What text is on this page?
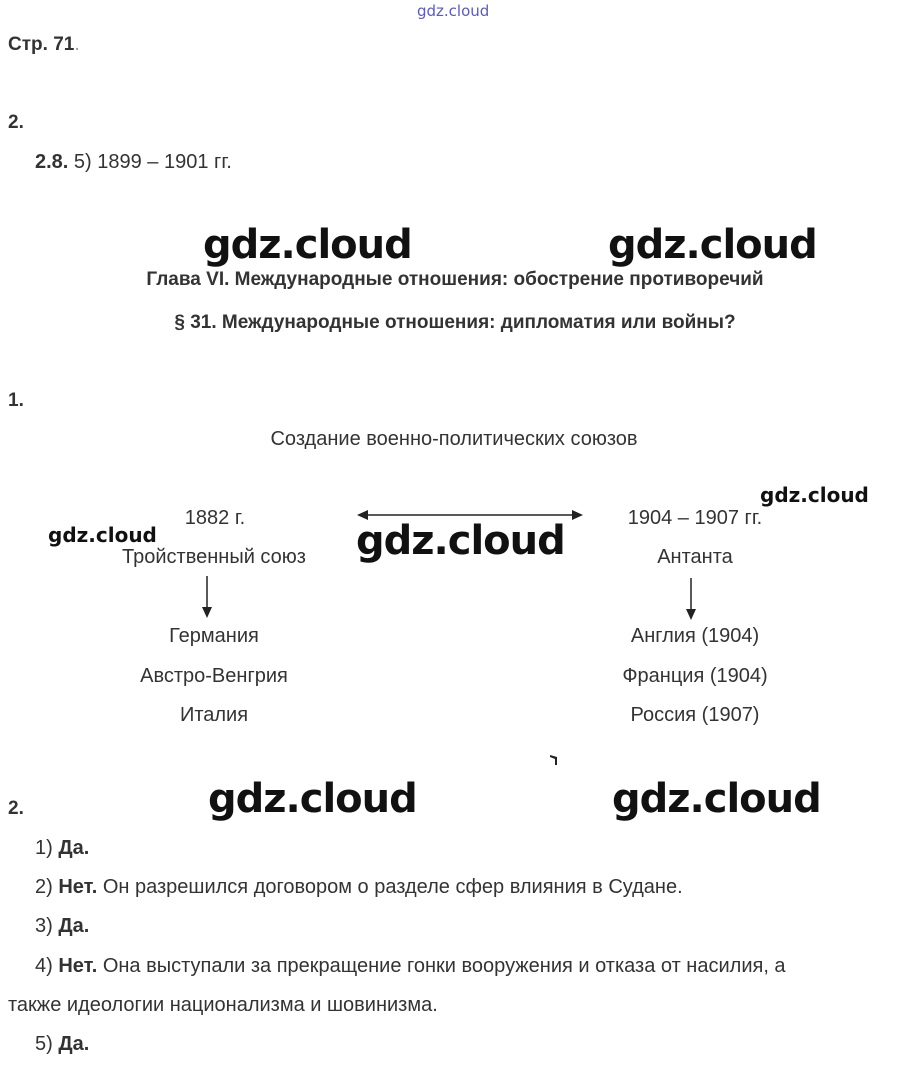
gdz.cloud
gdz.cloud	gdz.cloud
gdz.cloud
gdz.cloud	gdz.cloud
gdz.cloud	gdz.cloud
Стр. 71.
2.
2.8. 5) 1899 – 1901 гг.
Глава VI. Международные отношения: обострение противоречий
§ 31. Международные отношения: дипломатия или войны?
1.
Создание военно-политических союзов
1882 г.
Тройственный союз
Германия
Австро-Венгрия
Италия
1904 – 1907 гг.
Антанта
Англия (1904)
Франция (1904)
Россия (1907)
2.
1) Да.
2) Нет. Он разрешился договором о разделе сфер влияния в Судане.
3) Да.
4) Нет. Она выступали за прекращение гонки вооружения и отказа от насилия, а
также идеологии национализма и шовинизма.
5) Да.
